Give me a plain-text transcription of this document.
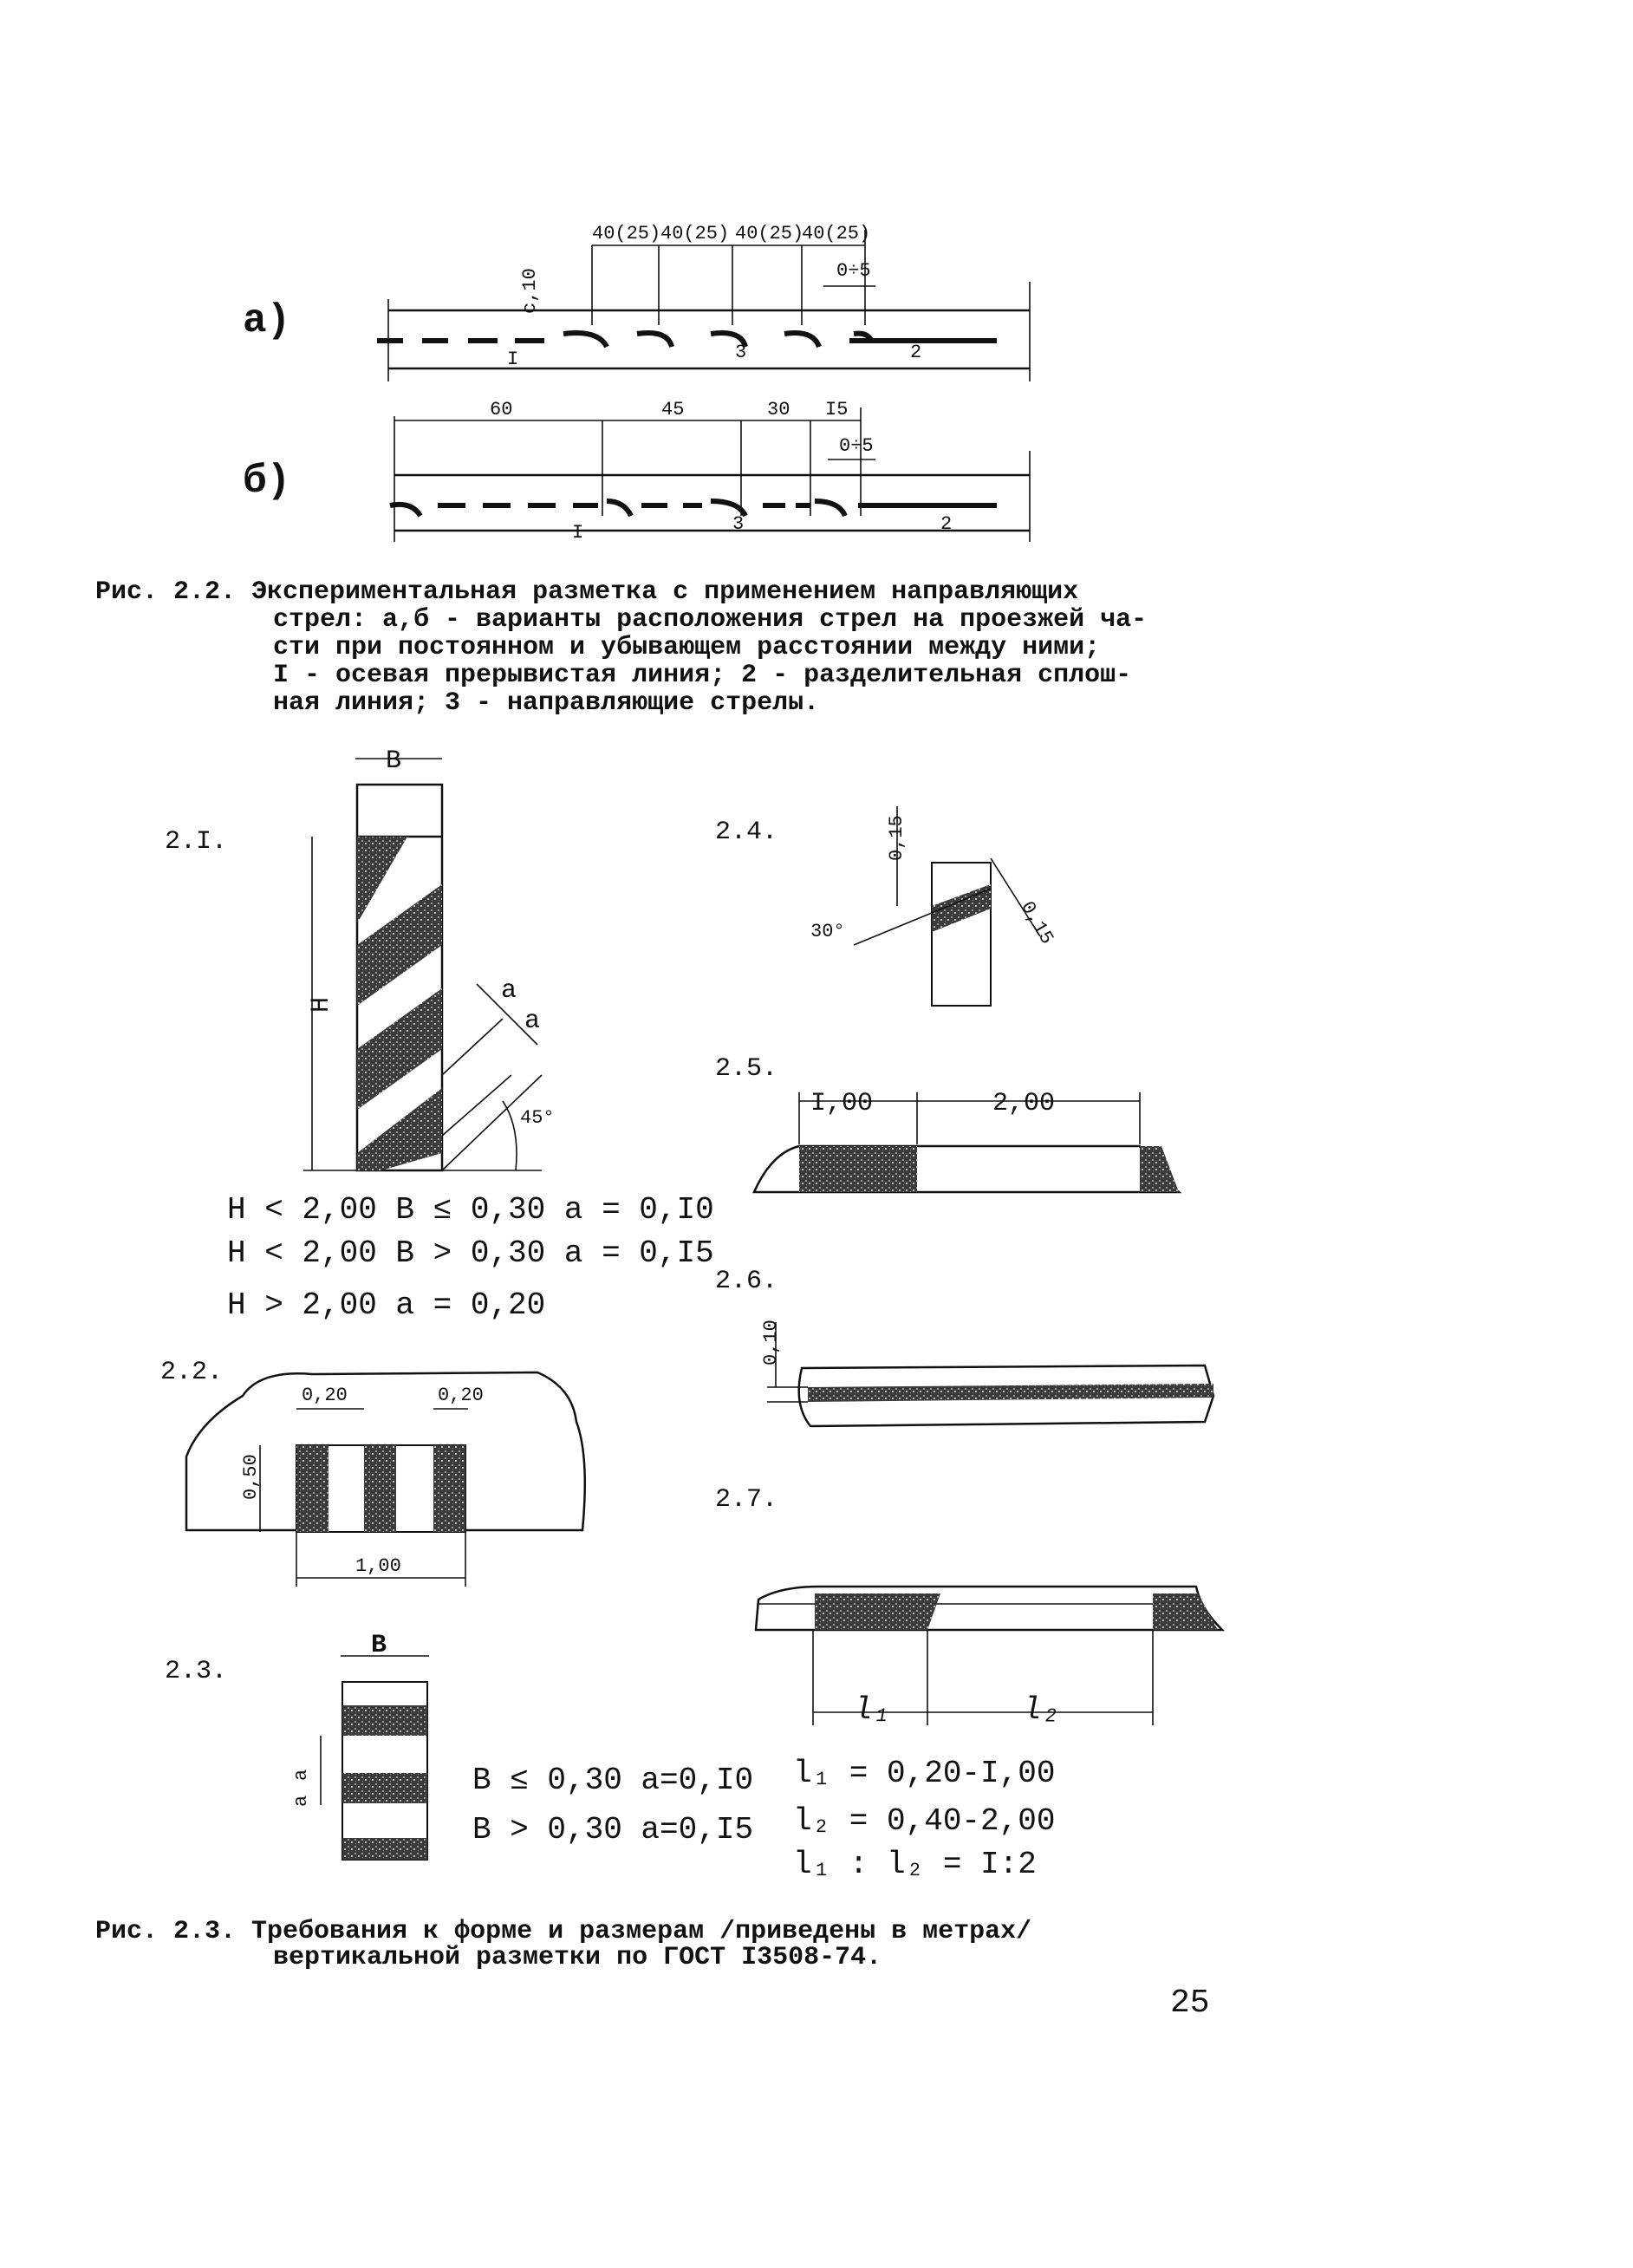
а)
б)
40(25) 40(25) 40(25)
40(25)
0÷5
с,10
I	3	2
60	45	30 I5
0÷5
I	3	2
Рис. 2.2. Экспериментальная разметка с применением направляющих
стрел: а,б - варианты расположения стрел на проезжей ча-
сти при постоянном и убывающем расстоянии между ними;
I - осевая прерывистая линия; 2 - разделительная сплош-
ная линия; 3 - направляющие стрелы.
2.I.
B
H	a
a
45°
H < 2,00 B ≤ 0,30 a = 0,I0
H < 2,00 B > 0,30 a = 0,I5
H > 2,00 a = 0,20
2.2.
0,20	0,20
0,50
1,00
2.3.
B
a
a
B ≤ 0,30 a=0,I0
B > 0,30 a=0,I5
2.4.	0,15
0,15
30°
2.5.
I,00	2,00
2.6.
0,10
2.7.
l₁	l₂
l₁ = 0,20-I,00
l₂ = 0,40-2,00
l₁ : l₂ = I:2
Рис. 2.3. Требования к форме и размерам /приведены в метрах/
вертикальной разметки по ГОСТ I3508-74.
25
